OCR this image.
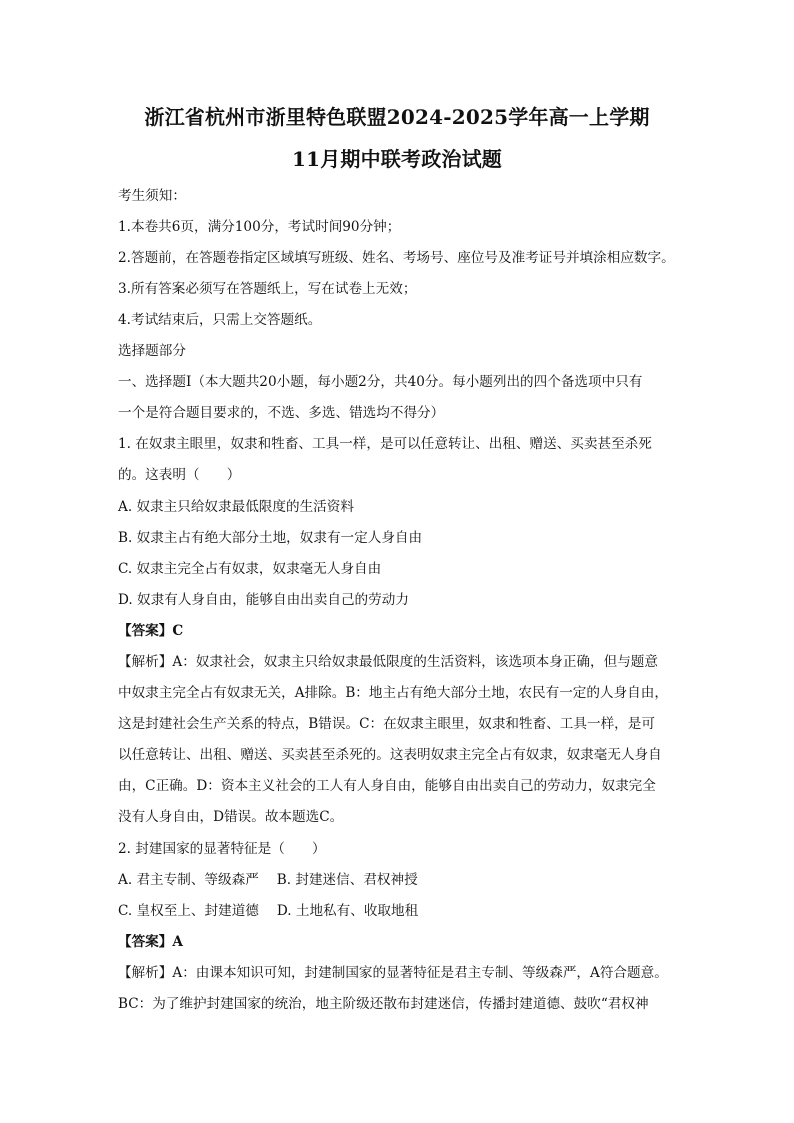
浙江省杭州市浙里特色联盟2024-2025学年高一上学期
11月期中联考政治试题
考生须知：
1.本卷共6页，满分100分，考试时间90分钟；
2.答题前，在答题卷指定区域填写班级、姓名、考场号、座位号及准考证号并填涂相应数字。
3.所有答案必须写在答题纸上，写在试卷上无效；
4.考试结束后，只需上交答题纸。
选择题部分
一、选择题Ⅰ（本大题共20小题，每小题2分，共40分。每小题列出的四个备选项中只有
一个是符合题目要求的，不选、多选、错选均不得分）
1. 在奴隶主眼里，奴隶和牲畜、工具一样，是可以任意转让、出租、赠送、买卖甚至杀死
的。这表明（　　）
A. 奴隶主只给奴隶最低限度的生活资料
B. 奴隶主占有绝大部分土地，奴隶有一定人身自由
C. 奴隶主完全占有奴隶，奴隶毫无人身自由
D. 奴隶有人身自由，能够自由出卖自己的劳动力
【答案】C
【解析】A：奴隶社会，奴隶主只给奴隶最低限度的生活资料，该选项本身正确，但与题意
中奴隶主完全占有奴隶无关，A排除。B：地主占有绝大部分土地，农民有一定的人身自由，
这是封建社会生产关系的特点，B错误。C：在奴隶主眼里，奴隶和牲畜、工具一样，是可
以任意转让、出租、赠送、买卖甚至杀死的。这表明奴隶主完全占有奴隶，奴隶毫无人身自
由，C正确。D：资本主义社会的工人有人身自由，能够自由出卖自己的劳动力，奴隶完全
没有人身自由，D错误。故本题选C。
2. 封建国家的显著特征是（　　）
A. 君主专制、等级森严　 B. 封建迷信、君权神授
C. 皇权至上、封建道德　 D. 土地私有、收取地租
【答案】A
【解析】A：由课本知识可知，封建制国家的显著特征是君主专制、等级森严，A符合题意。
BC：为了维护封建国家的统治，地主阶级还散布封建迷信，传播封建道德、鼓吹“君权神
